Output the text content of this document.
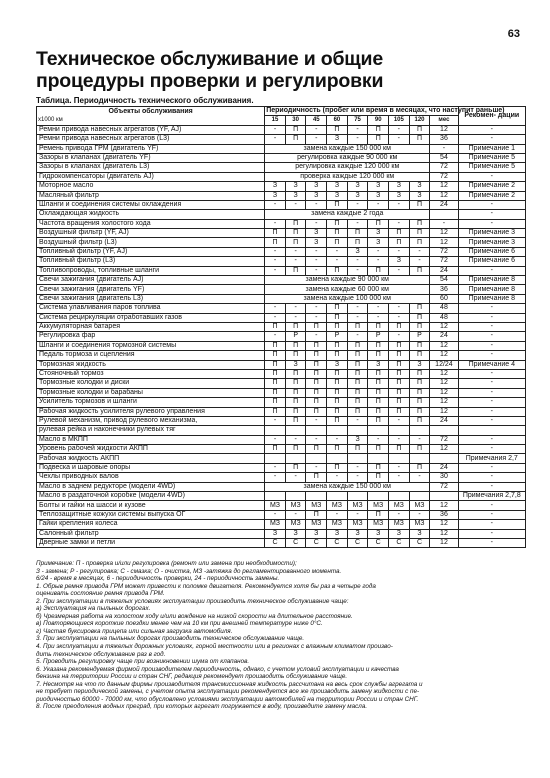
63
Техническое обслуживание и общие
процедуры проверки и регулировки
Таблица. Периодичность технического обслуживания.
Объекты обслуживания
x1000 км	Периодичность (пробег или время в месяцах, что наступит раньше)									Рекомен- дации
	15	30	45	60	75	90	105	120	мес	
Ремни привода навесных агрегатов (YF, AJ)	-	П	-	П	-	П	-	П	12	-
Ремни привода навесных агрегатов (L3)	-	П	-	З	-	П	-	П	36	-
Ремень привода ГРМ (двигатель YF)	замена каждые 150 000 км								-	Примечание 1
Зазоры в клапанах (двигатель YF)	регулировка каждые 90 000 км								54	Примечание 5
Зазоры в клапанах (двигатель L3)	регулировка каждые 120 000 км								72	Примечание 5
Гидрокомпенсаторы (двигатель AJ)	проверка каждые 120 000 км								72	-
Моторное масло	З	З	З	З	З	З	З	З	12	Примечание 2
Масляный фильтр	З	З	З	З	З	З	З	З	12	Примечание 2
Шланги и соединения системы охлаждения	-	-	-	П	-	-	-	П	24	-
Охлаждающая жидкость	замена каждые 2 года									-
Частота вращения холостого хода	-	П	-	П	-	П	-	П	-	-
Воздушный фильтр (YF, AJ)	П	П	З	П	П	З	П	П	12	Примечание 3
Воздушный фильтр (L3)	П	П	З	П	П	З	П	П	12	Примечание 3
Топливный фильтр (YF, AJ)	-	-	-	-	З	-	-	-	72	Примечание 6
Топливный фильтр (L3)	-	-	-	-	-	-	З	-	72	Примечание 6
Топливопроводы, топливные шланги	-	П	-	П	-	П	-	П	24	-
Свечи зажигания (двигатель AJ)	замена каждые 90 000 км								54	Примечание 8
Свечи зажигания (двигатель YF)	замена каждые 60 000 км								36	Примечание 8
Свечи зажигания (двигатель L3)	замена каждые 100 000 км								60	Примечание 8
Система улавливания паров топлива	-	-	-	П	-	-	-	П	48	-
Система рециркуляции отработавших газов	-	-	-	П	-	-	-	П	48	-
Аккумуляторная батарея	П	П	П	П	П	П	П	П	12	-
Регулировка фар	-	Р	-	Р	-	Р	-	Р	24	-
Шланги и соединения тормозной системы	П	П	П	П	П	П	П	П	12	-
Педаль тормоза и сцепления	П	П	П	П	П	П	П	П	12	-
Тормозная жидкость	П	З	П	З	П	З	П	З	12/24	Примечание 4
Стояночный тормоз	П	П	П	П	П	П	П	П	12	-
Тормозные колодки и диски	П	П	П	П	П	П	П	П	12	-
Тормозные колодки и барабаны	П	П	П	П	П	П	П	П	12	-
Усилитель тормозов и шланги	П	П	П	П	П	П	П	П	12	-
Рабочая жидкость усилителя рулевого управления	П	П	П	П	П	П	П	П	12	-
Рулевой механизм, привод рулевого механизма,	-	П	-	П	-	П	-	П	24	-
рулевая рейка и наконечники рулевых тяг										
Масло в МКПП	-	-	-	-	З	-	-	-	72	-
Уровень рабочей жидкости АКПП	П	П	П	П	П	П	П	П	12	-
Рабочая жидкость АКПП										Примечания 2,7
Подвеска и шаровые опоры	-	П	-	П	-	П	-	П	24	-
Чехлы приводных валов	-	-	П	-	-	П	-	-	30	-
Масло в заднем редукторе (модели 4WD)	замена каждые 150 000 км								72	-
Масло в раздаточной коробке (модели 4WD)										Примечания 2,7,8
Болты и гайки на шасси и кузове	МЗ	МЗ	МЗ	МЗ	МЗ	МЗ	МЗ	МЗ	12	-
Теплозащитные кожухи системы выпуска ОГ	-	-	П	-	-	П	-	-	36	-
Гайки крепления колеса	МЗ	МЗ	МЗ	МЗ	МЗ	МЗ	МЗ	МЗ	12	-
Салонный фильтр	З	З	З	З	З	З	З	З	12	-
Дверные замки и петли	С	С	С	С	С	С	С	С	12	-

Примечание: П - проверка и/или регулировка (ремонт или замена при необходимости);

З - замена; Р - регулировка; С - смазка; О - очистка, МЗ -затяжка до регламентированного момента.

6/24 - время в месяцах, 6 - периодичность проверки, 24 - периодичность замены.

1. Обрыв ремня привода ГРМ может привести к поломке двигателя. Рекомендуется хотя бы раз в четыре года

оценивать состояние ремня привода ГРМ.

2. При эксплуатации в тяжелых условиях эксплуатации производить техническое обслуживание чаще:

а) Эксплуатация на пыльных дорогах.

б) Чрезмерная работа на холостом ходу и/или вождение на низкой скорости на длительное расстояние.

в) Повторяющиеся короткие поездки менее чем на 10 км при внешней температуре ниже 0°С.

г) Частая буксировка прицепа или сильная загрузка автомобиля.

3. При эксплуатации на пыльных дорогах производить техническое обслуживание чаще.

4. При эксплуатации в тяжелых дорожных условиях, горной местности или в регионах с влажным климатом произво-

дить техническое обслуживание раз в год.

5. Проводить регулировку чаще при возникновении шума от клапанов.

6. Указана рекомендуемая фирмой производителем периодичность, однако, с учетом условий эксплуатации и качества

бензина на территории России и стран СНГ, редакция рекомендует производить обслуживание чаще.

7. Несмотря на что по данным фирмы производителя трансмиссионная жидкость рассчитана на весь срок службы агрегата и

не требует периодической замены, с учетом опыта эксплуатации рекомендуется все же производить замену жидкости с пе-

риодичностью 60000 - 70000 км, что обусловлено условиями эксплуатации автомобилей на территории России и стран СНГ.

8. После преодоления водных преград, при которых агрегат погружается в воду, произведите замену масла.
